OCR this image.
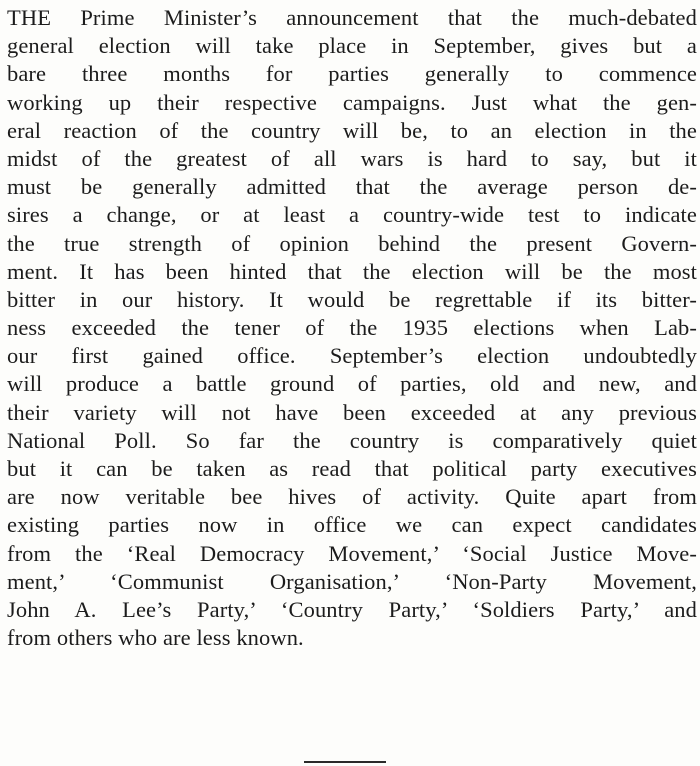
THE Prime Minister’s announcement that the much-debated
general election will take place in September, gives but a
bare three months for parties generally to commence
working up their respective campaigns. Just what the gen-
eral reaction of the country will be, to an election in the
midst of the greatest of all wars is hard to say, but it
must be generally admitted that the average person de-
sires a change, or at least a country-wide test to indicate
the true strength of opinion behind the present Govern-
ment. It has been hinted that the election will be the most
bitter in our history. It would be regrettable if its bitter-
ness exceeded the tener of the 1935 elections when Lab-
our first gained office. September’s election undoubtedly
will produce a battle ground of parties, old and new, and
their variety will not have been exceeded at any previous
National Poll. So far the country is comparatively quiet
but it can be taken as read that political party executives
are now veritable bee hives of activity. Quite apart from
existing parties now in office we can expect candidates
from the ‘Real Democracy Movement,’ ‘Social Justice Move-
ment,’ ‘Communist Organisation,’ ‘Non-Party Movement,
John A. Lee’s Party,’ ‘Country Party,’ ‘Soldiers Party,’ and
from others who are less known.
